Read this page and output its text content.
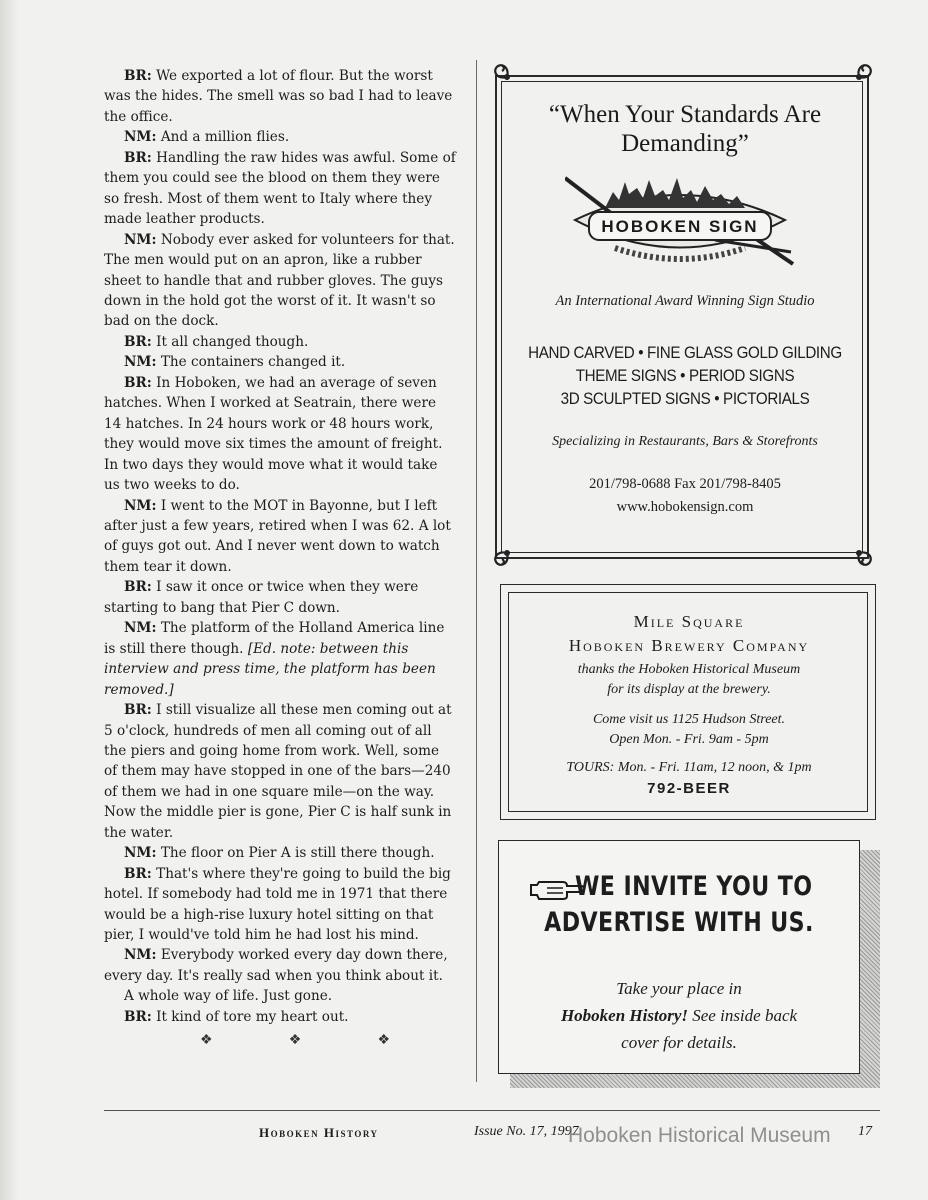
BR: We exported a lot of flour. But the worst was the hides. The smell was so bad I had to leave the office.

NM: And a million flies.

BR: Handling the raw hides was awful. Some of them you could see the blood on them they were so fresh. Most of them went to Italy where they made leather products.

NM: Nobody ever asked for volunteers for that. The men would put on an apron, like a rubber sheet to handle that and rubber gloves. The guys down in the hold got the worst of it. It wasn't so bad on the dock.

BR: It all changed though.

NM: The containers changed it.

BR: In Hoboken, we had an average of seven hatches. When I worked at Seatrain, there were 14 hatches. In 24 hours work or 48 hours work, they would move six times the amount of freight. In two days they would move what it would take us two weeks to do.

NM: I went to the MOT in Bayonne, but I left after just a few years, retired when I was 62. A lot of guys got out. And I never went down to watch them tear it down.

BR: I saw it once or twice when they were starting to bang that Pier C down.

NM: The platform of the Holland America line is still there though. [Ed. note: between this interview and press time, the platform has been removed.]

BR: I still visualize all these men coming out at 5 o'clock, hundreds of men all coming out of all the piers and going home from work. Well, some of them may have stopped in one of the bars—240 of them we had in one square mile—on the way. Now the middle pier is gone, Pier C is half sunk in the water.

NM: The floor on Pier A is still there though.

BR: That's where they're going to build the big hotel. If somebody had told me in 1971 that there would be a high-rise luxury hotel sitting on that pier, I would've told him he had lost his mind.

NM: Everybody worked every day down there, every day. It's really sad when you think about it.

A whole way of life. Just gone.

BR: It kind of tore my heart out.

❖	❖	❖
“When Your Standards Are Demanding”
HOBOKEN SIGN
An International Award Winning Sign Studio
HAND CARVED • FINE GLASS GOLD GILDING
THEME SIGNS • PERIOD SIGNS
3D SCULPTED SIGNS • PICTORIALS
Specializing in Restaurants, Bars & Storefronts
201/798-0688 Fax 201/798-8405
www.hobokensign.com
Mile Square
Hoboken Brewery Company
thanks the Hoboken Historical Museum
for its display at the brewery.
Come visit us 1125 Hudson Street.
Open Mon. - Fri. 9am - 5pm
TOURS: Mon. - Fri. 11am, 12 noon, & 1pm
792-BEER
WE INVITE YOU TO
ADVERTISE WITH US.
Take your place in
Hoboken History! See inside back
cover for details.
Hoboken History	Issue No. 17, 1997	17
Hoboken Historical Museum
